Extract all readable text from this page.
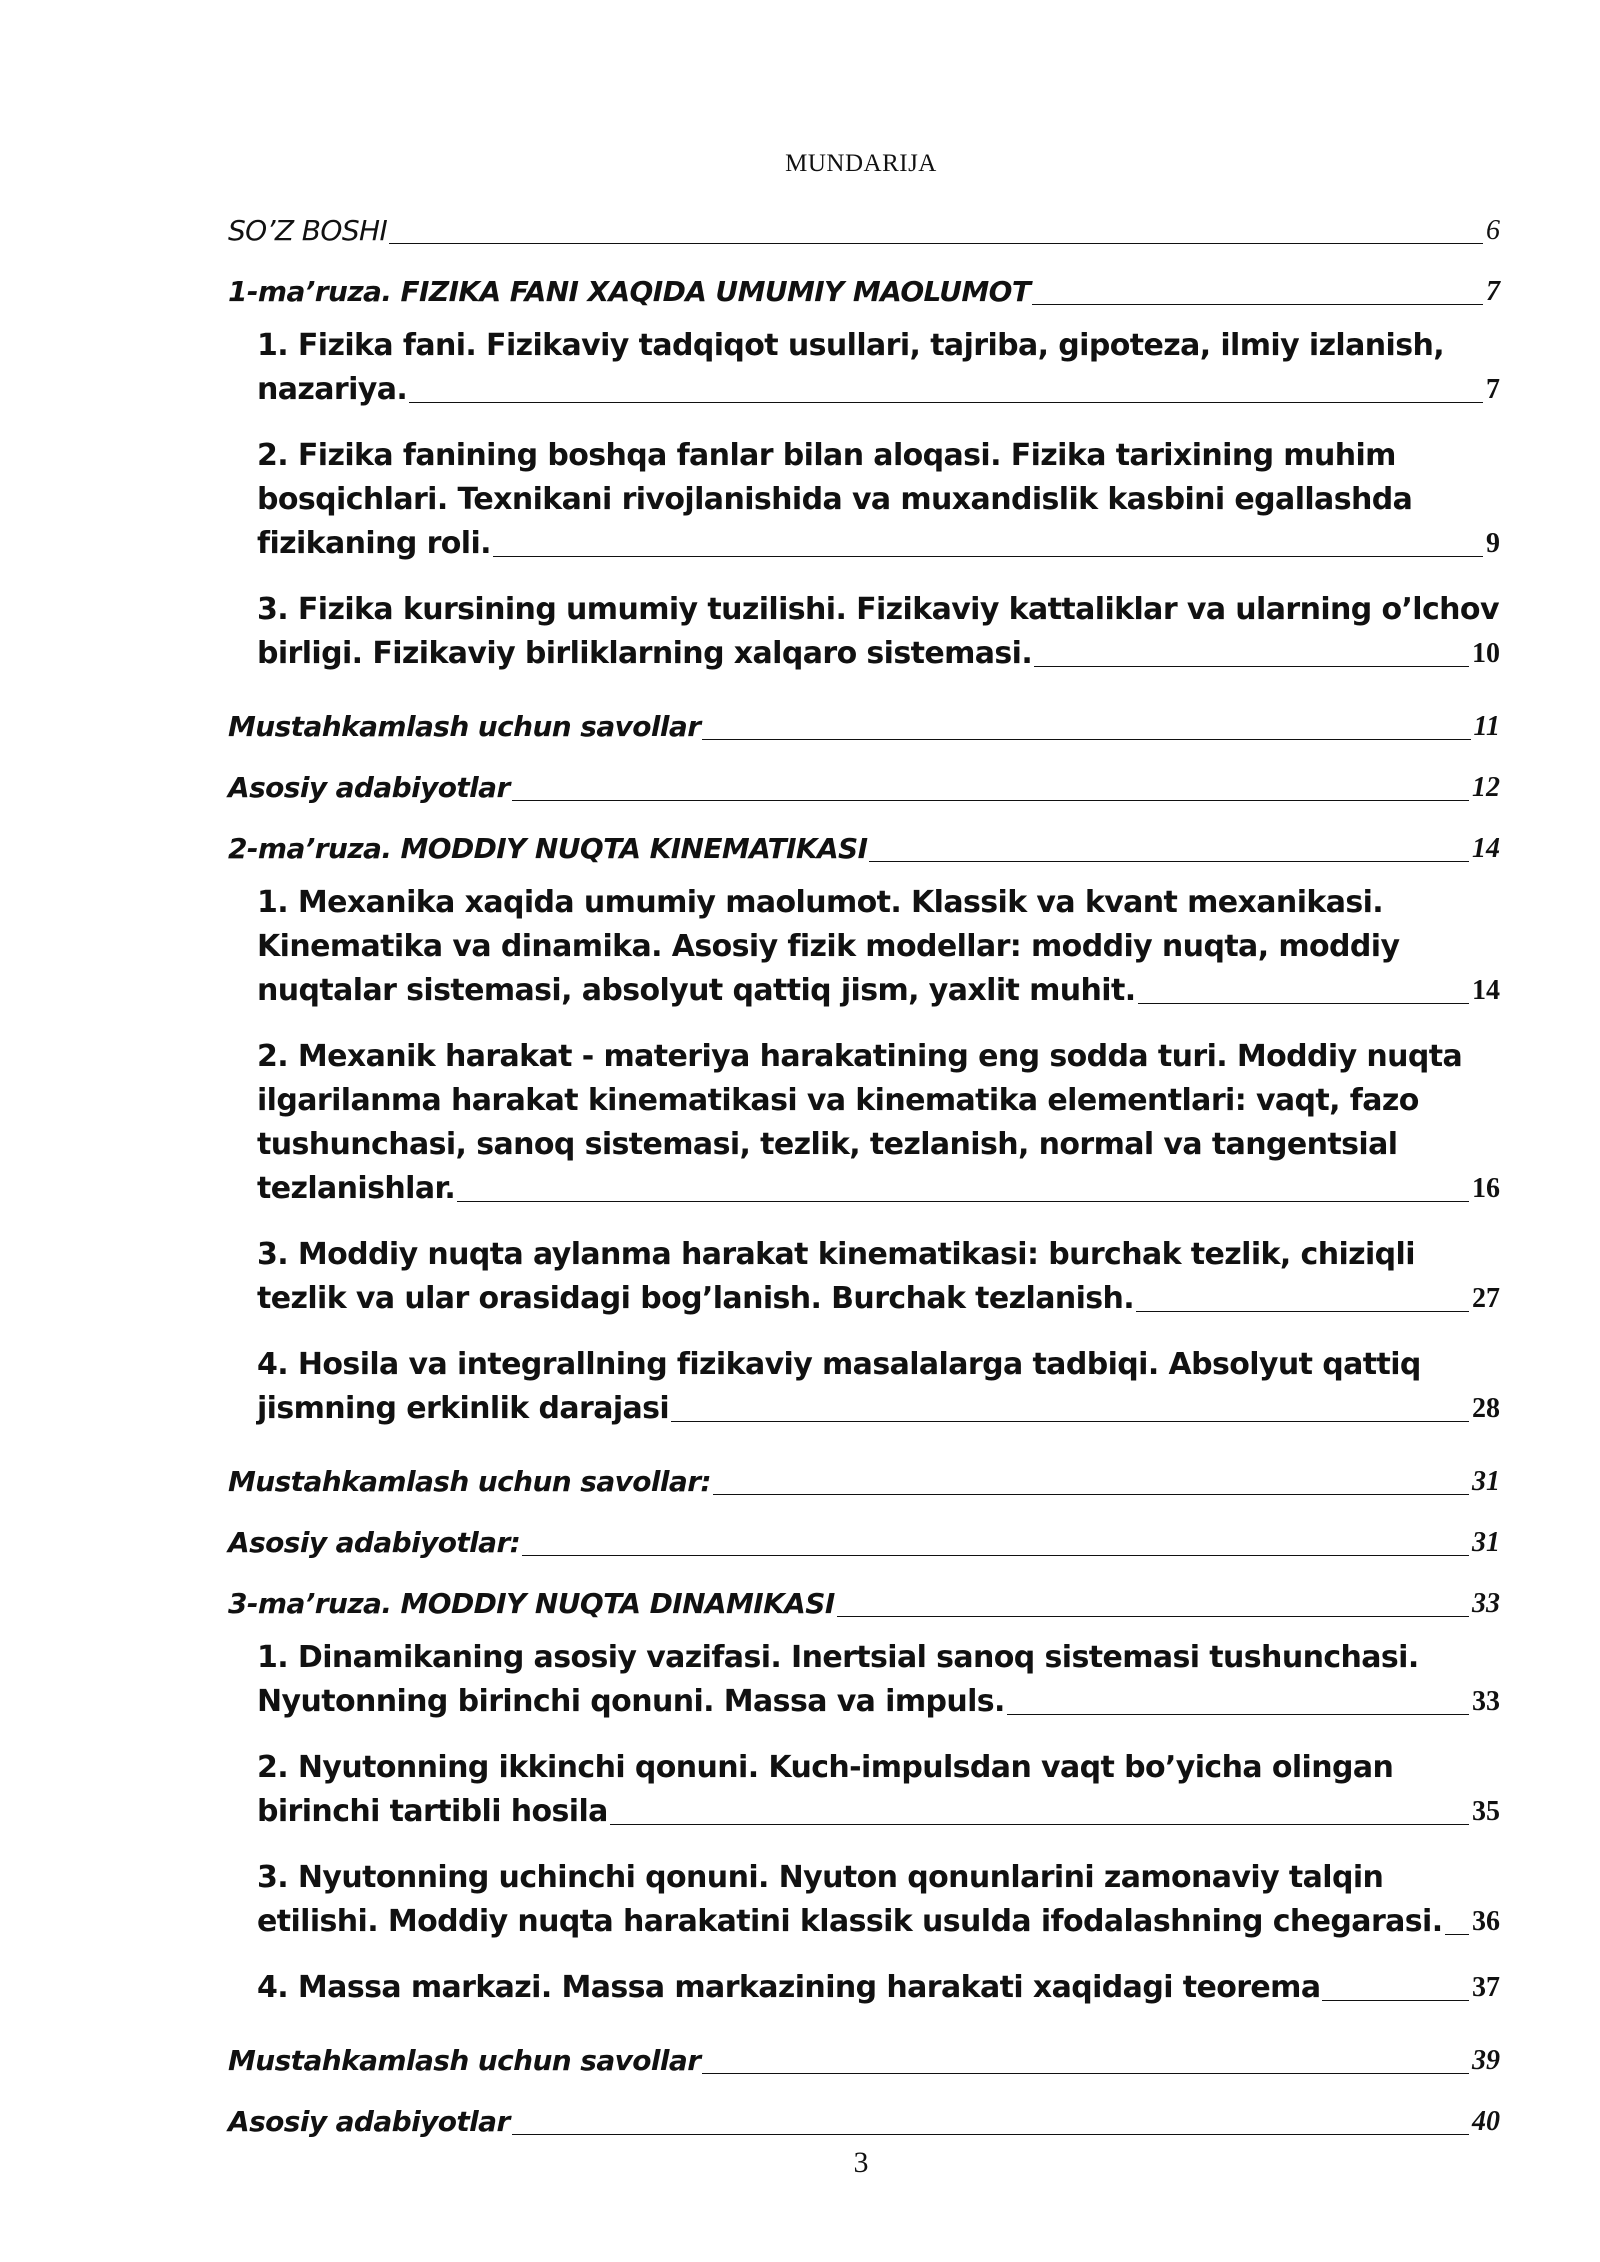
MUNDARIJA
SO’Z BOSHI	6
1-ma’ruza. FIZIKA FANI XAQIDA UMUMIY MAOLUMOT	7
1. Fizika fani. Fizikaviy tadqiqot usullari, tajriba, gipoteza, ilmiy izlanish,
nazariya.	7
2. Fizika fanining boshqa fanlar bilan aloqasi. Fizika tarixining muhim
bosqichlari. Texnikani rivojlanishida va muxandislik kasbini egallashda
fizikaning roli.	9
3. Fizika kursining umumiy tuzilishi. Fizikaviy kattaliklar va ularning o’lchov
birligi. Fizikaviy birliklarning xalqaro sistemasi.	10
Mustahkamlash uchun savollar	11
Asosiy adabiyotlar	12
2-ma’ruza. MODDIY NUQTA KINEMATIKASI	14
1. Mexanika xaqida umumiy maolumot. Klassik va kvant mexanikasi.
Kinematika va dinamika. Asosiy fizik modellar: moddiy nuqta, moddiy
nuqtalar sistemasi, absolyut qattiq jism, yaxlit muhit.	14
2. Mexanik harakat - materiya harakatining eng sodda turi. Moddiy nuqta
ilgarilanma harakat kinematikasi va kinematika elementlari: vaqt, fazo
tushunchasi, sanoq sistemasi, tezlik, tezlanish, normal va tangentsial
tezlanishlar.	16
3. Moddiy nuqta aylanma harakat kinematikasi: burchak tezlik, chiziqli
tezlik va ular orasidagi bog’lanish. Burchak tezlanish.	27
4. Hosila va integrallning fizikaviy masalalarga tadbiqi. Absolyut qattiq
jismning erkinlik darajasi	28
Mustahkamlash uchun savollar:	31
Asosiy adabiyotlar:	31
3-ma’ruza. MODDIY NUQTA DINAMIKASI	33
1. Dinamikaning asosiy vazifasi. Inertsial sanoq sistemasi tushunchasi.
Nyutonning birinchi qonuni. Massa va impuls.	33
2. Nyutonning ikkinchi qonuni. Kuch-impulsdan vaqt bo’yicha olingan
birinchi tartibli hosila	35
3. Nyutonning uchinchi qonuni. Nyuton qonunlarini zamonaviy talqin
etilishi. Moddiy nuqta harakatini klassik usulda ifodalashning chegarasi. 36
4. Massa markazi. Massa markazining harakati xaqidagi teorema	37
Mustahkamlash uchun savollar	39
Asosiy adabiyotlar	40
3
